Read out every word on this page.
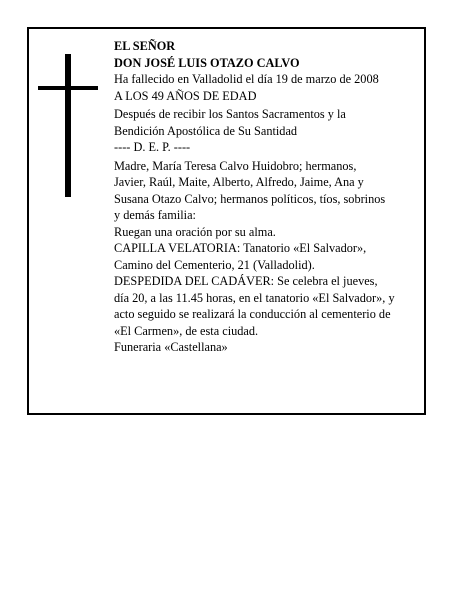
EL SEÑOR
DON JOSÉ LUIS OTAZO CALVO
Ha fallecido en Valladolid el día 19 de marzo de 2008
A LOS 49 AÑOS DE EDAD
Después de recibir los Santos Sacramentos y la
Bendición Apostólica de Su Santidad
---- D. E. P. ----
Madre, María Teresa Calvo Huidobro; hermanos,
Javier, Raúl, Maite, Alberto, Alfredo, Jaime, Ana y
Susana Otazo Calvo; hermanos políticos, tíos, sobrinos
y demás familia:
Ruegan una oración por su alma.
CAPILLA VELATORIA: Tanatorio «El Salvador»,
Camino del Cementerio, 21 (Valladolid).
DESPEDIDA DEL CADÁVER: Se celebra el jueves,
día 20, a las 11.45 horas, en el tanatorio «El Salvador», y
acto seguido se realizará la conducción al cementerio de
«El Carmen», de esta ciudad.
Funeraria «Castellana»
